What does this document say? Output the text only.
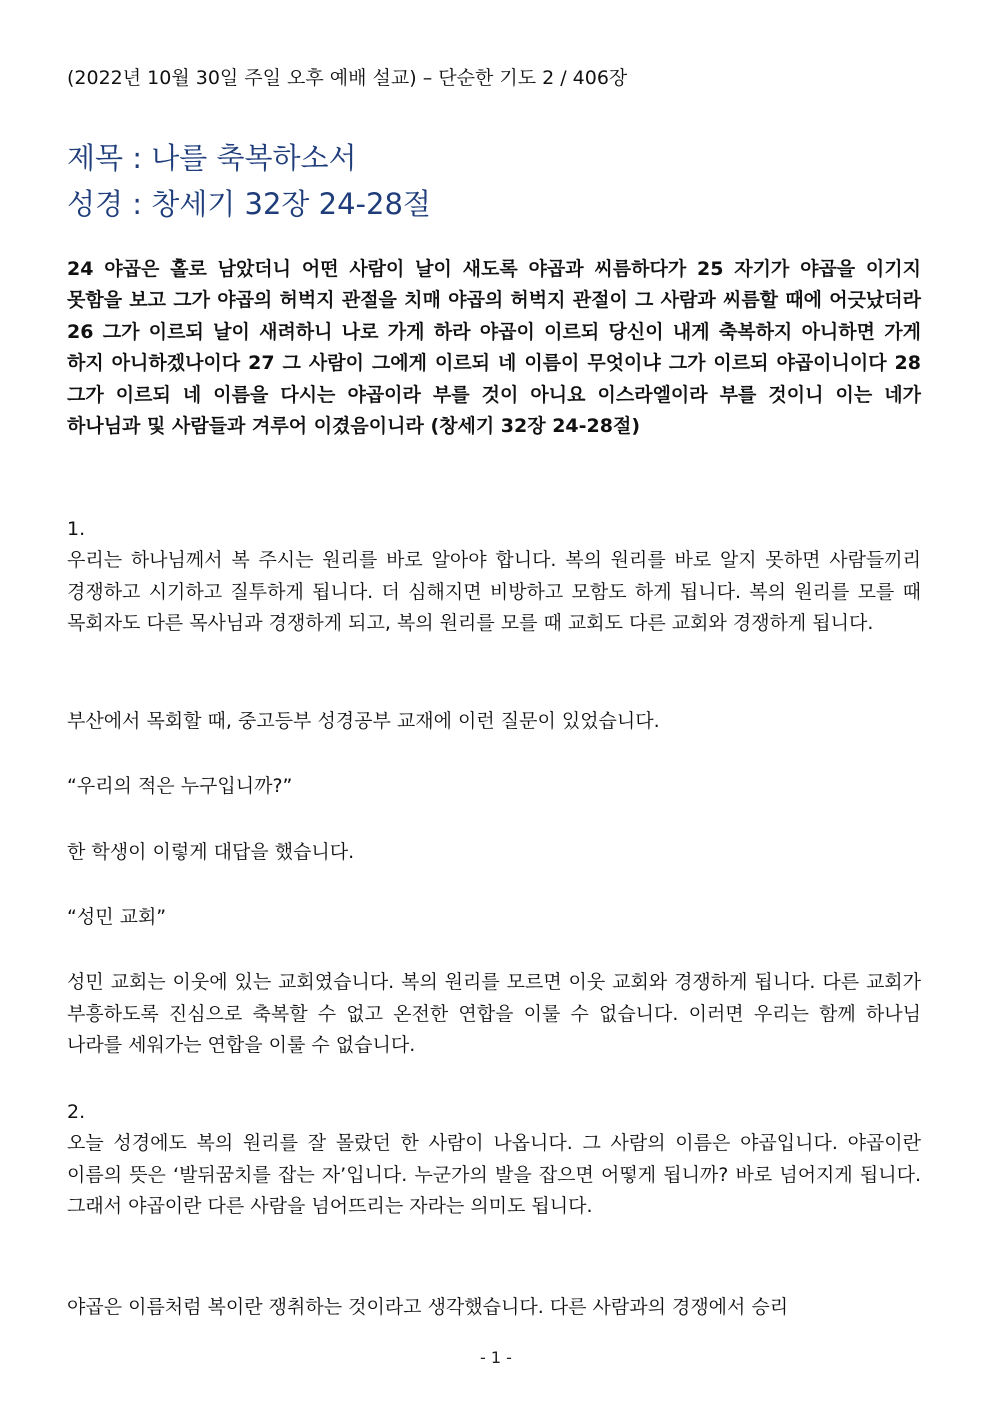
(2022년 10월 30일 주일 오후 예배 설교) – 단순한 기도 2 / 406장
제목 : 나를 축복하소서
성경 : 창세기 32장 24-28절
24 야곱은 홀로 남았더니 어떤 사람이 날이 새도록 야곱과 씨름하다가 25 자기가 야곱을 이기지 못함을 보고 그가 야곱의 허벅지 관절을 치매 야곱의 허벅지 관절이 그 사람과 씨름할 때에 어긋났더라 26 그가 이르되 날이 새려하니 나로 가게 하라 야곱이 이르되 당신이 내게 축복하지 아니하면 가게 하지 아니하겠나이다 27 그 사람이 그에게 이르되 네 이름이 무엇이냐 그가 이르되 야곱이니이다 28 그가 이르되 네 이름을 다시는 야곱이라 부를 것이 아니요 이스라엘이라 부를 것이니 이는 네가 하나님과 및 사람들과 겨루어 이겼음이니라 (창세기 32장 24-28절)
1.
우리는 하나님께서 복 주시는 원리를 바로 알아야 합니다. 복의 원리를 바로 알지 못하면 사람들끼리 경쟁하고 시기하고 질투하게 됩니다. 더 심해지면 비방하고 모함도 하게 됩니다. 복의 원리를 모를 때 목회자도 다른 목사님과 경쟁하게 되고, 복의 원리를 모를 때 교회도 다른 교회와 경쟁하게 됩니다.
부산에서 목회할 때, 중고등부 성경공부 교재에 이런 질문이 있었습니다.
“우리의 적은 누구입니까?”
한 학생이 이렇게 대답을 했습니다.
“성민 교회”
성민 교회는 이웃에 있는 교회였습니다. 복의 원리를 모르면 이웃 교회와 경쟁하게 됩니다. 다른 교회가 부흥하도록 진심으로 축복할 수 없고 온전한 연합을 이룰 수 없습니다. 이러면 우리는 함께 하나님 나라를 세워가는 연합을 이룰 수 없습니다.
2.
오늘 성경에도 복의 원리를 잘 몰랐던 한 사람이 나옵니다. 그 사람의 이름은 야곱입니다. 야곱이란 이름의 뜻은 ‘발뒤꿈치를 잡는 자’입니다. 누군가의 발을 잡으면 어떻게 됩니까? 바로 넘어지게 됩니다. 그래서 야곱이란 다른 사람을 넘어뜨리는 자라는 의미도 됩니다.
야곱은 이름처럼 복이란 쟁취하는 것이라고 생각했습니다. 다른 사람과의 경쟁에서 승리
- 1 -
